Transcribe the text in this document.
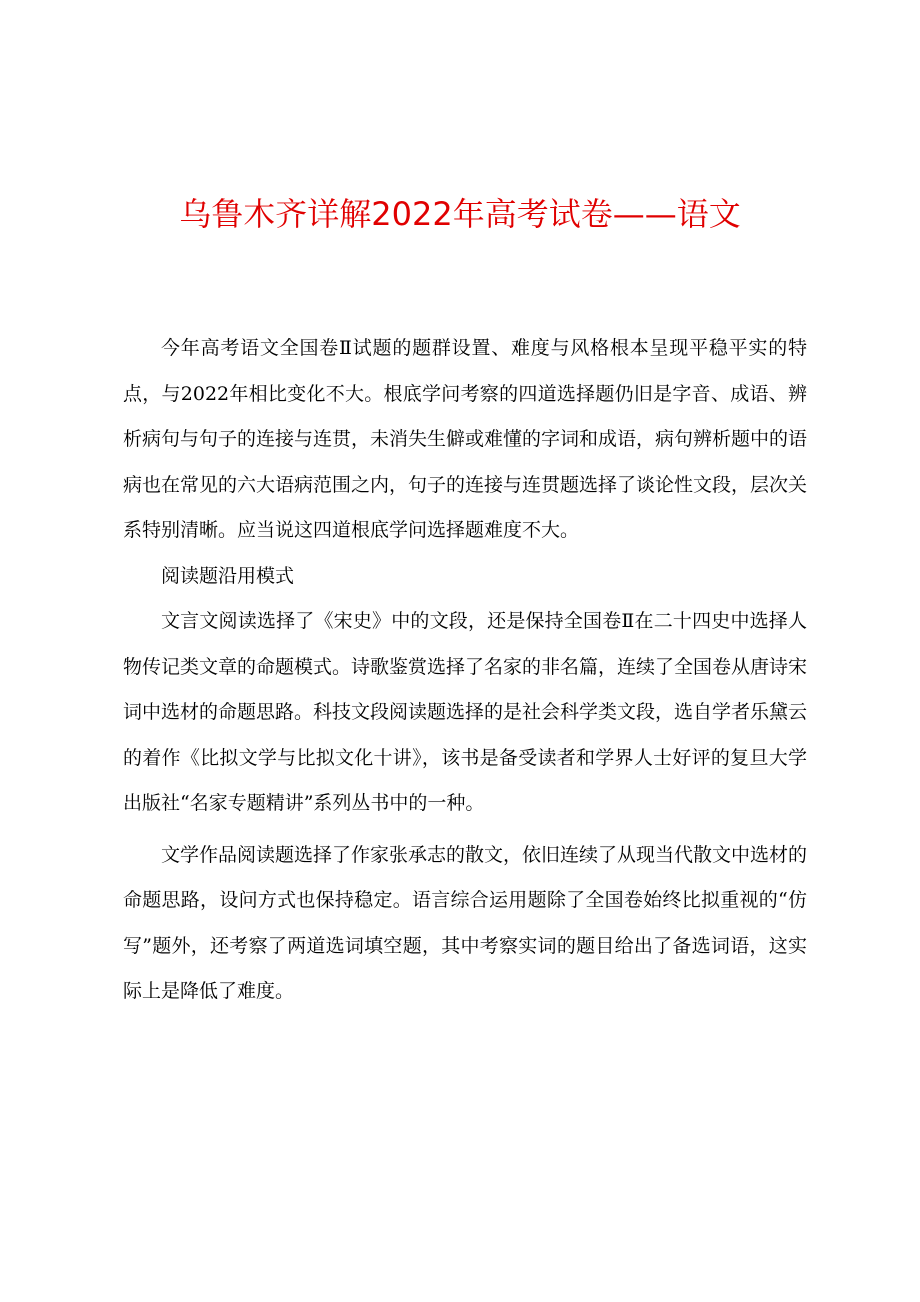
乌鲁木齐详解2022年高考试卷——语文

今年高考语文全国卷Ⅱ试题的题群设置、难度与风格根本呈现平稳平实的特点，与2022年相比变化不大。根底学问考察的四道选择题仍旧是字音、成语、辨析病句与句子的连接与连贯，未消失生僻或难懂的字词和成语，病句辨析题中的语病也在常见的六大语病范围之内，句子的连接与连贯题选择了谈论性文段，层次关系特别清晰。应当说这四道根底学问选择题难度不大。

阅读题沿用模式

文言文阅读选择了《宋史》中的文段，还是保持全国卷Ⅱ在二十四史中选择人物传记类文章的命题模式。诗歌鉴赏选择了名家的非名篇，连续了全国卷从唐诗宋词中选材的命题思路。科技文段阅读题选择的是社会科学类文段，选自学者乐黛云的着作《比拟文学与比拟文化十讲》，该书是备受读者和学界人士好评的复旦大学出版社“名家专题精讲”系列丛书中的一种。

文学作品阅读题选择了作家张承志的散文，依旧连续了从现当代散文中选材的命题思路，设问方式也保持稳定。语言综合运用题除了全国卷始终比拟重视的“仿写”题外，还考察了两道选词填空题，其中考察实词的题目给出了备选词语，这实际上是降低了难度。
